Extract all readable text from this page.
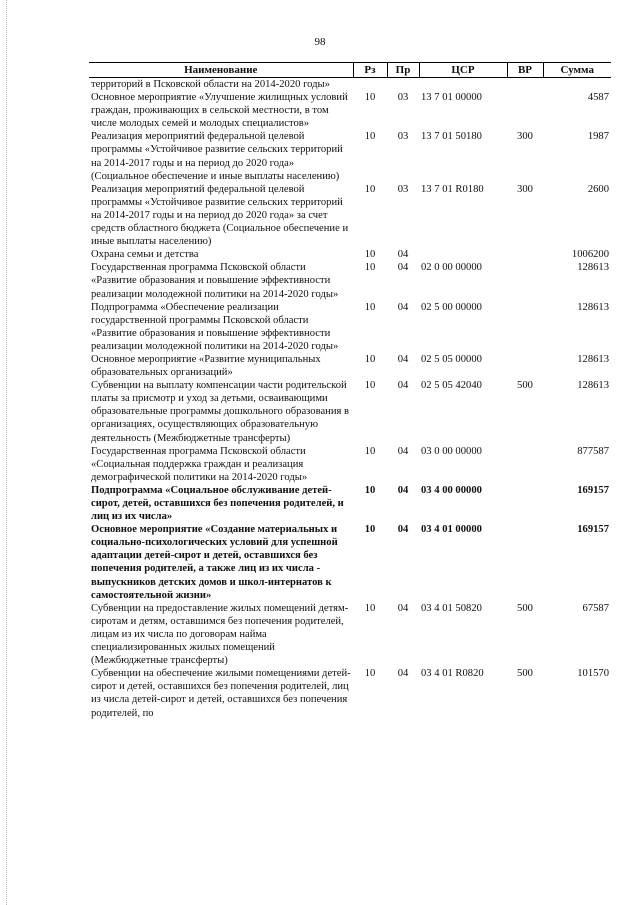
98
Наименование	Рз	Пр	ЦСР	ВР	Сумма
территорий в Псковской области на 2014-2020 годы»					
Основное мероприятие «Улучшение жилищных условий граждан, проживающих в сельской местности, в том числе молодых семей и молодых специалистов»	10	03	13 7 01 00000		4587
Реализация мероприятий федеральной целевой программы «Устойчивое развитие сельских территорий на 2014-2017 годы и на период до 2020 года» (Социальное обеспечение и иные выплаты населению)	10	03	13 7 01 50180	300	1987
Реализация мероприятий федеральной целевой программы «Устойчивое развитие сельских территорий на 2014-2017 годы и на период до 2020 года» за счет средств областного бюджета (Социальное обеспечение и иные выплаты населению)	10	03	13 7 01 R0180	300	2600
Охрана семьи и детства	10	04			1006200
Государственная программа Псковской области «Развитие образования и повышение эффективности реализации молодежной политики на 2014-2020 годы»	10	04	02 0 00 00000		128613
Подпрограмма «Обеспечение реализации государственной программы Псковской области «Развитие образования и повышение эффективности реализации молодежной политики на 2014-2020 годы»	10	04	02 5 00 00000		128613
Основное мероприятие «Развитие муниципальных образовательных организаций»	10	04	02 5 05 00000		128613
Субвенции на выплату компенсации части родительской платы за присмотр и уход за детьми, осваивающими образовательные программы дошкольного образования в организациях, осуществляющих образовательную деятельность (Межбюджетные трансферты)	10	04	02 5 05 42040	500	128613
Государственная программа Псковской области «Социальная поддержка граждан и реализация демографической политики на 2014-2020 годы»	10	04	03 0 00 00000		877587
Подпрограмма «Социальное обслуживание детей-сирот, детей, оставшихся без попечения родителей, и лиц из их числа»	10	04	03 4 00 00000		169157
Основное мероприятие «Создание материальных и социально-психологических условий для успешной адаптации детей-сирот и детей, оставшихся без попечения родителей, а также лиц из их числа - выпускников детских домов и школ-интернатов к самостоятельной жизни»	10	04	03 4 01 00000		169157
Субвенции на предоставление жилых помещений детям-сиротам и детям, оставшимся без попечения родителей, лицам из их числа по договорам найма специализированных жилых помещений (Межбюджетные трансферты)	10	04	03 4 01 50820	500	67587
Субвенции на обеспечение жилыми помещениями детей-сирот и детей, оставшихся без попечения родителей, лиц из числа детей-сирот и детей, оставшихся без попечения родителей, по	10	04	03 4 01 R0820	500	101570
